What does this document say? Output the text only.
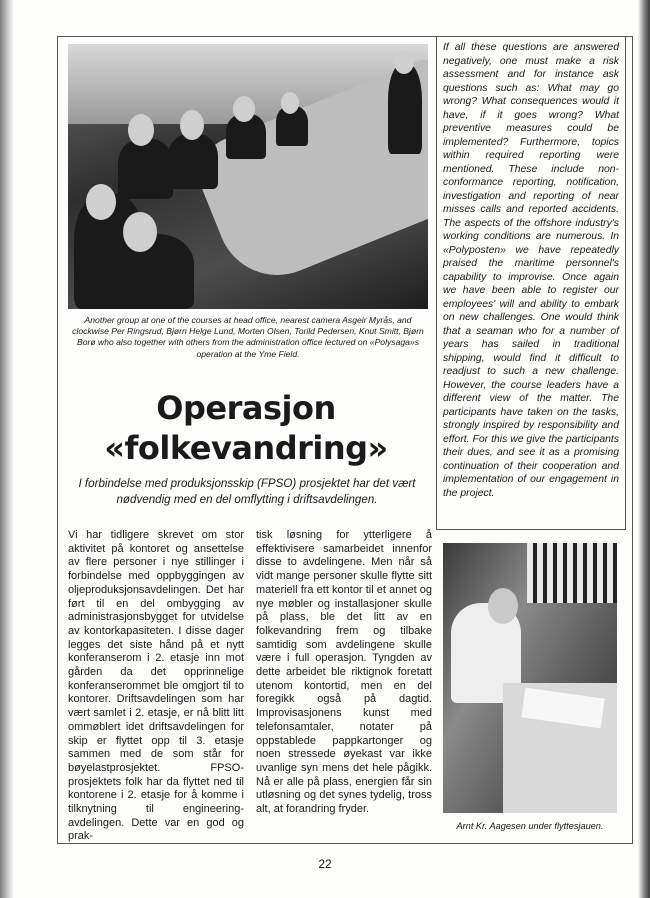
Another group at one of the courses at head office, nearest camera Asgeir Myrås, and clockwise Per Ringsrud, Bjørn Helge Lund, Morten Olsen, Torild Pedersen, Knut Smitt, Bjørn Borø who also together with others from the administration office lectured on «Polysaga»s operation at the Yme Field.

If all these questions are answered negatively, one must make a risk assessment and for instance ask questions such as: What may go wrong? What consequences would it have, if it goes wrong? What preventive measures could be implemented? Furthermore, topics within required reporting were mentioned. These include non-conformance reporting, notification, investigation and reporting of near misses calls and reported accidents. The aspects of the offshore industry's working conditions are numerous. In «Polyposten» we have repeatedly praised the maritime personnel's capability to improvise. Once again we have been able to register our employees' will and ability to embark on new challenges. One would think that a seaman who for a number of years has sailed in traditional shipping, would find it difficult to readjust to such a new challenge. However, the course leaders have a different view of the matter. The participants have taken on the tasks, strongly inspired by responsibility and effort. For this we give the participants their dues, and see it as a promising continuation of their cooperation and implementation of our engagement in the project.

Operasjon
«folkevandring»

I forbindelse med produksjonsskip (FPSO) prosjektet har det vært nødvendig med en del omflytting i driftsavdelingen.

Vi har tidligere skrevet om stor aktivitet på kontoret og ansettelse av flere personer i nye stillinger i forbindelse med oppbyggingen av oljeproduksjonsavdelingen. Det har ført til en del ombygging av administrasjonsbygget for utvidelse av kontorkapasiteten. I disse dager legges det siste hånd på et nytt konferanserom i 2. etasje inn mot gården da det opprinnelige konferanserommet ble omgjort til to kontorer. Driftsavdelingen som har vært samlet i 2. etasje, er nå blitt litt ommøblert idet driftsavdelingen for skip er flyttet opp til 3. etasje sammen med de som står for bøyelastprosjektet. FPSO-prosjektets folk har da flyttet ned til kontorene i 2. etasje for å komme i tilknytning til engineering-avdelingen. Dette var en god og prak-

tisk løsning for ytterligere å effektivisere samarbeidet innenfor disse to avdelingene. Men når så vidt mange personer skulle flytte sitt materiell fra ett kontor til et annet og nye møbler og installasjoner skulle på plass, ble det litt av en folkevandring frem og tilbake samtidig som avdelingene skulle være i full operasjon. Tyngden av dette arbeidet ble riktignok foretatt utenom kontortid, men en del foregikk også på dagtid. Improvisasjonens kunst med telefonsamtaler, notater på oppstablede pappkartonger og noen stressede øyekast var ikke uvanlige syn mens det hele pågikk. Nå er alle på plass, energien får sin utløsning og det synes tydelig, tross alt, at forandring fryder.

Arnt Kr. Aagesen under flyttesjauen.

22
